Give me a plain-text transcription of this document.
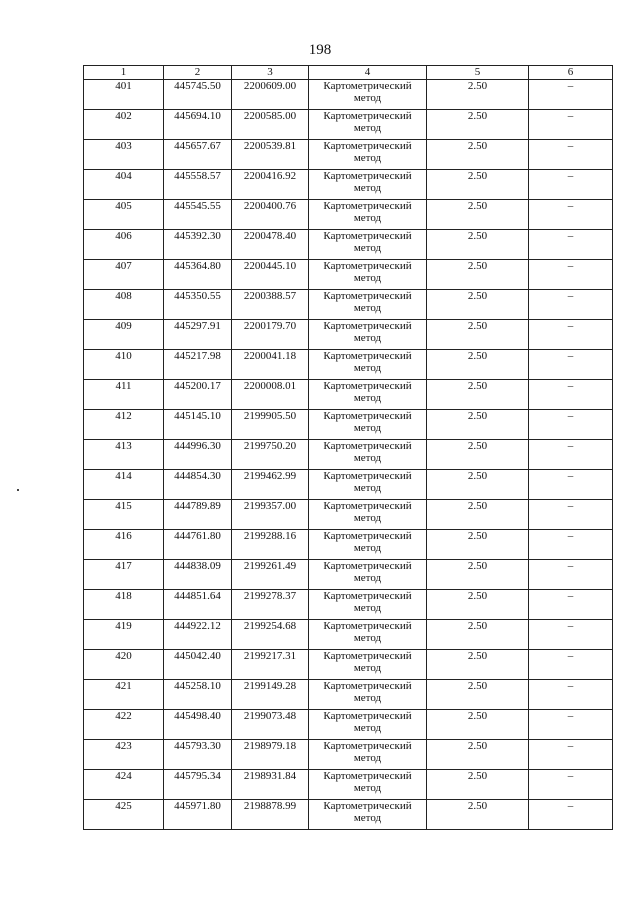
198
1	2	3	4	5	6
401	445745.50	2200609.00	Картометрический метод	2.50	–
402	445694.10	2200585.00	Картометрический метод	2.50	–
403	445657.67	2200539.81	Картометрический метод	2.50	–
404	445558.57	2200416.92	Картометрический метод	2.50	–
405	445545.55	2200400.76	Картометрический метод	2.50	–
406	445392.30	2200478.40	Картометрический метод	2.50	–
407	445364.80	2200445.10	Картометрический метод	2.50	–
408	445350.55	2200388.57	Картометрический метод	2.50	–
409	445297.91	2200179.70	Картометрический метод	2.50	–
410	445217.98	2200041.18	Картометрический метод	2.50	–
411	445200.17	2200008.01	Картометрический метод	2.50	–
412	445145.10	2199905.50	Картометрический метод	2.50	–
413	444996.30	2199750.20	Картометрический метод	2.50	–
414	444854.30	2199462.99	Картометрический метод	2.50	–
415	444789.89	2199357.00	Картометрический метод	2.50	–
416	444761.80	2199288.16	Картометрический метод	2.50	–
417	444838.09	2199261.49	Картометрический метод	2.50	–
418	444851.64	2199278.37	Картометрический метод	2.50	–
419	444922.12	2199254.68	Картометрический метод	2.50	–
420	445042.40	2199217.31	Картометрический метод	2.50	–
421	445258.10	2199149.28	Картометрический метод	2.50	–
422	445498.40	2199073.48	Картометрический метод	2.50	–
423	445793.30	2198979.18	Картометрический метод	2.50	–
424	445795.34	2198931.84	Картометрический метод	2.50	–
425	445971.80	2198878.99	Картометрический метод	2.50	–
